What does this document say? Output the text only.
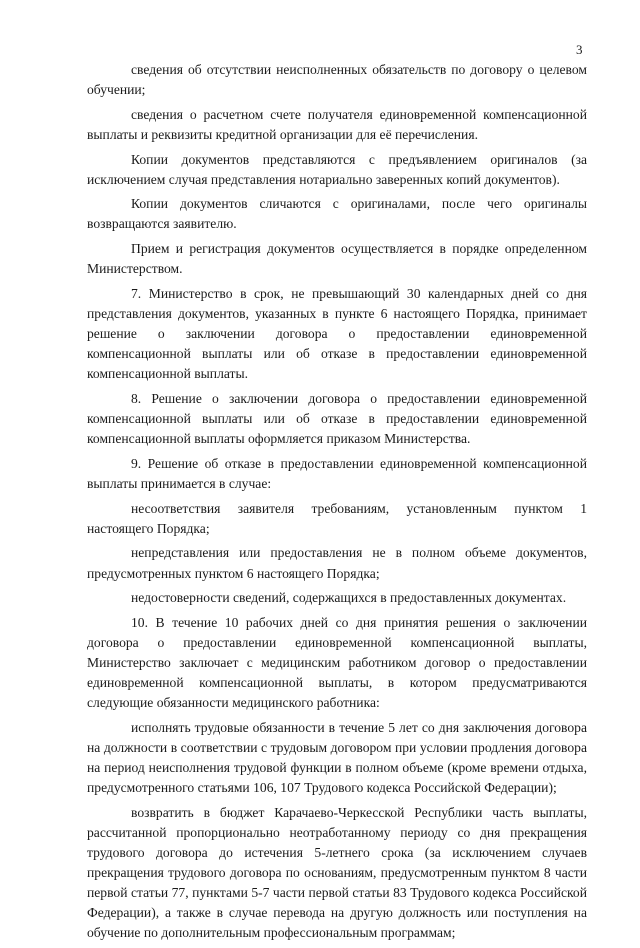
3

сведения об отсутствии неисполненных обязательств по договору о целевом обучении;

сведения о расчетном счете получателя единовременной компенсационной выплаты и реквизиты кредитной организации для её перечисления.

Копии документов представляются с предъявлением оригиналов (за исключением случая представления нотариально заверенных копий документов).

Копии документов сличаются с оригиналами, после чего оригиналы возвращаются заявителю.

Прием и регистрация документов осуществляется в порядке определенном Министерством.

7. Министерство в срок, не превышающий 30 календарных дней со дня представления документов, указанных в пункте 6 настоящего Порядка, принимает решение о заключении договора о предоставлении единовременной компенсационной выплаты или об отказе в предоставлении единовременной компенсационной выплаты.

8. Решение о заключении договора о предоставлении единовременной компенсационной выплаты или об отказе в предоставлении единовременной компенсационной выплаты оформляется приказом Министерства.

9. Решение об отказе в предоставлении единовременной компенсационной выплаты принимается в случае:

несоответствия заявителя требованиям, установленным пунктом 1 настоящего Порядка;

непредставления или предоставления не в полном объеме документов, предусмотренных пунктом 6 настоящего Порядка;

недостоверности сведений, содержащихся в предоставленных документах.

10. В течение 10 рабочих дней со дня принятия решения о заключении договора о предоставлении единовременной компенсационной выплаты, Министерство заключает с медицинским работником договор о предоставлении единовременной компенсационной выплаты, в котором предусматриваются следующие обязанности медицинского работника:

исполнять трудовые обязанности в течение 5 лет со дня заключения договора на должности в соответствии с трудовым договором при условии продления договора на период неисполнения трудовой функции в полном объеме (кроме времени отдыха, предусмотренного статьями 106, 107 Трудового кодекса Российской Федерации);

возвратить в бюджет Карачаево-Черкесской Республики часть выплаты, рассчитанной пропорционально неотработанному периоду со дня прекращения трудового договора до истечения 5-летнего срока (за исключением случаев прекращения трудового договора по основаниям, предусмотренным пунктом 8 части первой статьи 77, пунктами 5-7 части первой статьи 83 Трудового кодекса Российской Федерации), а также в случае перевода на другую должность или поступления на обучение по дополнительным профессиональным программам;
